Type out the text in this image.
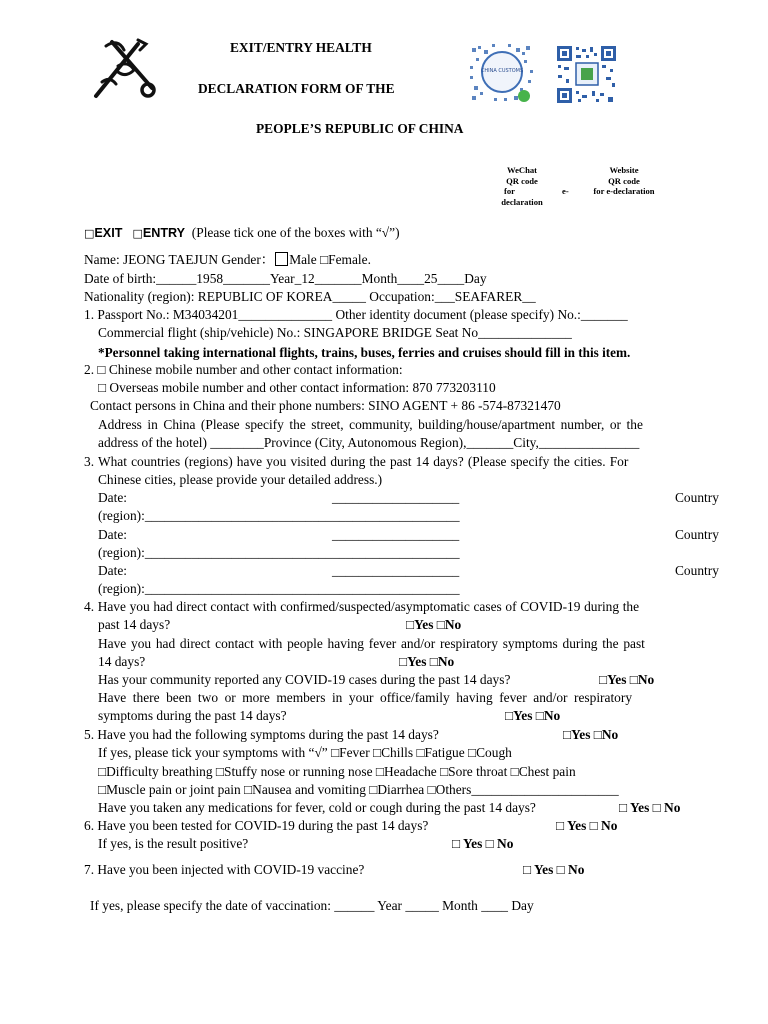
EXIT/ENTRY HEALTH
DECLARATION FORM OF THE
PEOPLE’S REPUBLIC OF CHINA
CHINA CUSTOMS
WeChat
QR code
for
declaration
e-
Website
QR code
for e-declaration
□EXIT □ENTRY (Please tick one of the boxes with “√”)
Name: JEONG TAEJUN Gender： Male □Female.
Date of birth:______1958_______Year_12_______Month____25____Day
Nationality (region): REPUBLIC OF KOREA_____ Occupation:___SEAFARER__
1. Passport No.: M34034201______________ Other identity document (please specify) No.:_______
Commercial flight (ship/vehicle) No.: SINGAPORE BRIDGE Seat No______________
*Personnel taking international flights, trains, buses, ferries and cruises should fill in this item.
2. □ Chinese mobile number and other contact information:
□ Overseas mobile number and other contact information: 870 773203110
Contact persons in China and their phone numbers: SINO AGENT + 86 -574-87321470
Address in China (Please specify the street, community, building/house/apartment number, or the
address of the hotel) ________Province (City, Autonomous Region),_______City,_______________
3. What countries (regions) have you visited during the past 14 days? (Please specify the cities. For
Chinese cities, please provide your detailed address.)
Date:	___________________	Country
(region):_______________________________________________
Date:	___________________	Country
(region):_______________________________________________
Date:	___________________	Country
(region):_______________________________________________
4. Have you had direct contact with confirmed/suspected/asymptomatic cases of COVID-19 during the
past 14 days?	□Yes □No
Have you had direct contact with people having fever and/or respiratory symptoms during the past
14 days?	□Yes □No
Has your community reported any COVID-19 cases during the past 14 days?	□Yes □No
Have there been two or more members in your office/family having fever and/or respiratory
symptoms during the past 14 days?	□Yes □No
5. Have you had the following symptoms during the past 14 days?	□Yes □No
If yes, please tick your symptoms with “√” □Fever □Chills □Fatigue □Cough
□Difficulty breathing □Stuffy nose or running nose □Headache □Sore throat □Chest pain
□Muscle pain or joint pain □Nausea and vomiting □Diarrhea □Others______________________
Have you taken any medications for fever, cold or cough during the past 14 days?	□ Yes □ No
6. Have you been tested for COVID-19 during the past 14 days?	□ Yes □ No
If yes, is the result positive?	□ Yes □ No
7. Have you been injected with COVID-19 vaccine?	□ Yes □ No
If yes, please specify the date of vaccination: ______ Year _____ Month ____ Day
